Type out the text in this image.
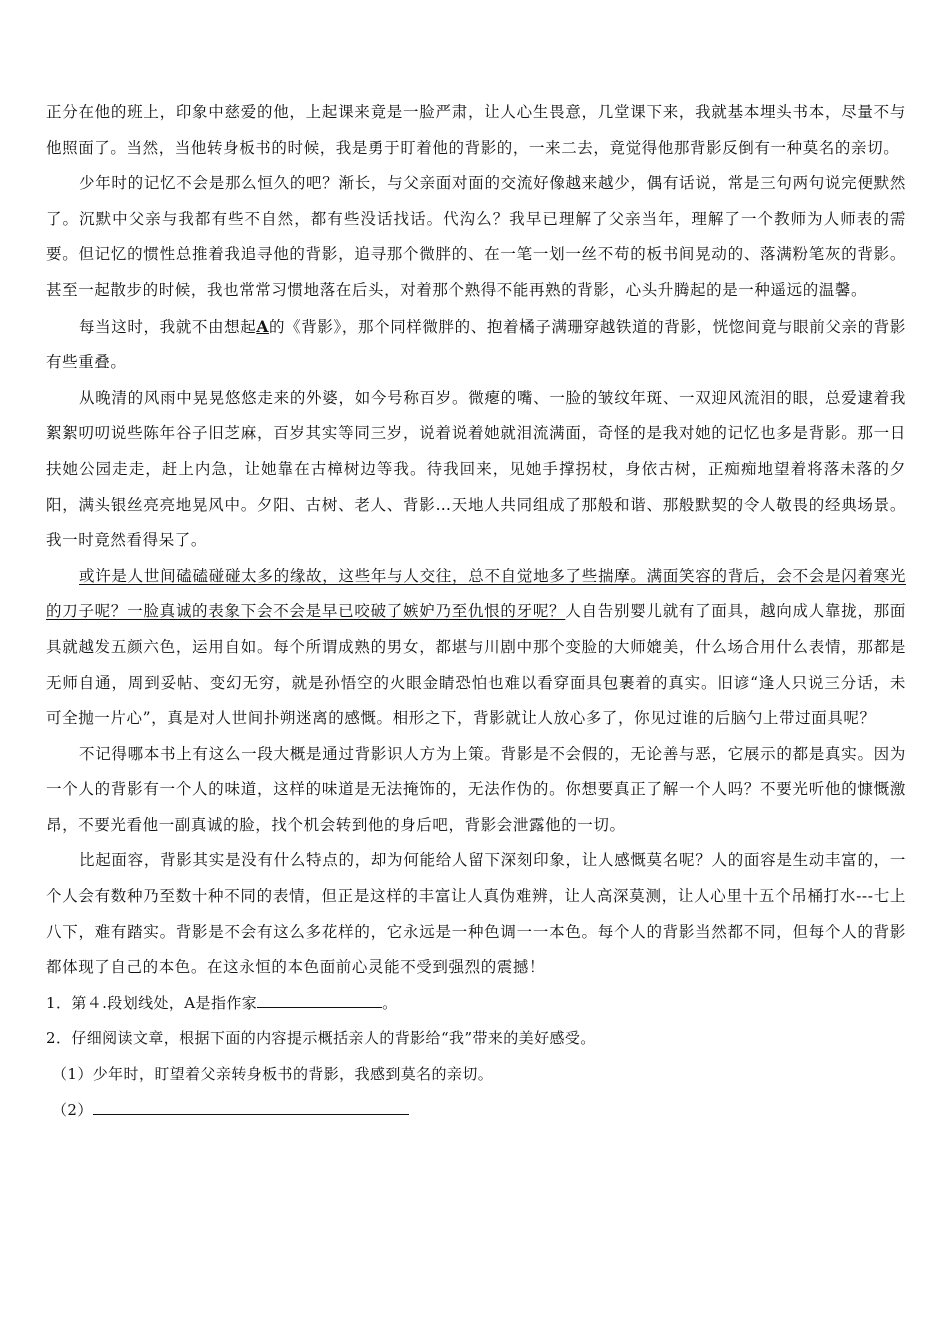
正分在他的班上，印象中慈爱的他，上起课来竟是一脸严肃，让人心生畏意，几堂课下来，我就基本埋头书本，尽量不与他照面了。当然，当他转身板书的时候，我是勇于盯着他的背影的，一来二去，竟觉得他那背影反倒有一种莫名的亲切。

少年时的记忆不会是那么恒久的吧？渐长，与父亲面对面的交流好像越来越少，偶有话说，常是三句两句说完便默然了。沉默中父亲与我都有些不自然，都有些没话找话。代沟么？我早已理解了父亲当年，理解了一个教师为人师表的需要。但记忆的惯性总推着我追寻他的背影，追寻那个微胖的、在一笔一划一丝不苟的板书间晃动的、落满粉笔灰的背影。甚至一起散步的时候，我也常常习惯地落在后头，对着那个熟得不能再熟的背影，心头升腾起的是一种遥远的温馨。

每当这时，我就不由想起A的《背影》，那个同样微胖的、抱着橘子满珊穿越铁道的背影，恍惚间竟与眼前父亲的背影有些重叠。

从晚清的风雨中晃晃悠悠走来的外婆，如今号称百岁。微瘪的嘴、一脸的皱纹年斑、一双迎风流泪的眼，总爱逮着我絮絮叨叨说些陈年谷子旧芝麻，百岁其实等同三岁，说着说着她就泪流满面，奇怪的是我对她的记忆也多是背影。那一日扶她公园走走，赶上内急，让她靠在古樟树边等我。待我回来，见她手撑拐杖，身依古树，正痴痴地望着将落未落的夕阳，满头银丝亮亮地晃风中。夕阳、古树、老人、背影…天地人共同组成了那般和谐、那般默契的令人敬畏的经典场景。我一时竟然看得呆了。

或许是人世间磕磕碰碰太多的缘故，这些年与人交往，总不自觉地多了些揣摩。满面笑容的背后，会不会是闪着寒光的刀子呢？一脸真诚的表象下会不会是早已咬破了嫉妒乃至仇恨的牙呢？人自告别婴儿就有了面具，越向成人靠拢，那面具就越发五颜六色，运用自如。每个所谓成熟的男女，都堪与川剧中那个变脸的大师媲美，什么场合用什么表情，那都是无师自通，周到妥帖、变幻无穷，就是孙悟空的火眼金睛恐怕也难以看穿面具包裹着的真实。旧谚“逢人只说三分话，未可全抛一片心”，真是对人世间扑朔迷离的感慨。相形之下，背影就让人放心多了，你见过谁的后脑勺上带过面具呢？

不记得哪本书上有这么一段大概是通过背影识人方为上策。背影是不会假的，无论善与恶，它展示的都是真实。因为一个人的背影有一个人的味道，这样的味道是无法掩饰的，无法作伪的。你想要真正了解一个人吗？不要光听他的慷慨激昂，不要光看他一副真诚的脸，找个机会转到他的身后吧，背影会泄露他的一切。

比起面容，背影其实是没有什么特点的，却为何能给人留下深刻印象，让人感慨莫名呢？人的面容是生动丰富的，一个人会有数种乃至数十种不同的表情，但正是这样的丰富让人真伪难辨，让人高深莫测，让人心里十五个吊桶打水---七上八下，难有踏实。背影是不会有这么多花样的，它永远是一种色调一一本色。每个人的背影当然都不同，但每个人的背影都体现了自己的本色。在这永恒的本色面前心灵能不受到强烈的震撼！

1．第４.段划线处，A是指作家	。

2．仔细阅读文章，根据下面的内容提示概括亲人的背影给“我”带来的美好感受。

（1）少年时，盯望着父亲转身板书的背影，我感到莫名的亲切。

（2）
